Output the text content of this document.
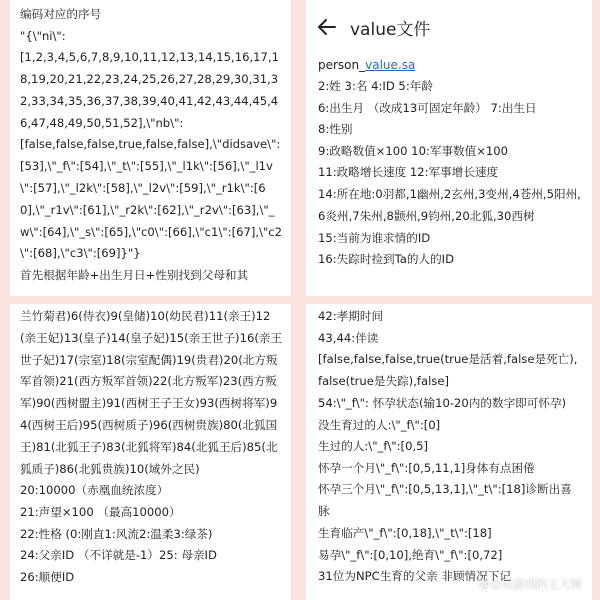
编码对应的序号
"{\"ni\":

[1,2,3,4,5,6,7,8,9,10,11,12,13,14,15,16,17,18,19,20,21,22,23,24,25,26,27,28,29,30,31,32,33,34,35,36,37,38,39,40,41,42,43,44,45,46,47,48,49,50,51,52],\"nb\":

[false,false,false,true,false,false],\"didsave\":[53],\"_f\":[54],\"_t\":[55],\"_l1k\":[56],\"_l1v\":[57],\"_l2k\":[58],\"_l2v\":[59],\"_r1k\":[60],\"_r1v\":[61],\"_r2k\":[62],\"_r2v\":[63],\"_w\":[64],\"_s\":[65],\"c0\":[66],\"c1\":[67],\"c2\":[68],\"c3\":[69]}"}

首先根据年龄+出生月日+性别找到父母和其
value文件
person_value.sa
2:姓 3:名 4:ID 5:年龄
6:出生月 （改成13可固定年龄） 7:出生日
8:性别
9:政略数值×100 10:军事数值×100
11:政略增长速度 12:军事增长速度

14:所在地:0羽都,1幽州,2玄州,3变州,4苍州,5阳州,6炎州,7朱州,8颢州,9钧州,20北狐,30西树

15:当前为谁求情的ID
16:失踪时捡到Ta的人的ID

兰竹菊君)6(侍衣)9(皇储)10(幼民君)11(亲王)12(亲王妃)13(皇子)14(皇子妃)15(亲王世子)16(亲王世子妃)17(宗室)18(宗室配偶)19(贵君)20(北方叛军首领)21(西方叛军首领)22(北方叛军)23(西方叛军)90(西树盟主)91(西树王子王女)93(西树将军)94(西树王后)95(西树质子)96(西树贵族)80(北狐国王)81(北狐王子)83(北狐将军)84(北狐王后)85(北狐质子)86(北狐贵族)10(域外之民)

20:10000（赤凰血统浓度）
21:声望×100 （最高10000）
22:性格 (0:刚直1:风流2:温柔3:绿茶)
24:父亲ID （不详就是-1）25: 母亲ID
26:顺便ID
42:孝期时间
43,44:伴读

[false,false,false,true(true是活着,false是死亡), false(true是失踪),false]

54:\"_f\": 怀孕状态(输10-20内的数字即可怀孕)

没生育过的人:\"_f\":[0]
生过的人:\"_f\":[0,5]
怀孕一个月\"_f\":[0,5,11,1]身体有点困倦

怀孕三个月\"_f\":[0,5,13,1],\"_t\":[18]诊断出喜脉

生育临产\"_f\":[0,18],\"_t\":[18]
易孕\"_f\":[0,10],绝育\"_f\":[0,72]
31位为NPC生育的父亲 非顾情况下记
@会玩游戏的王大师
